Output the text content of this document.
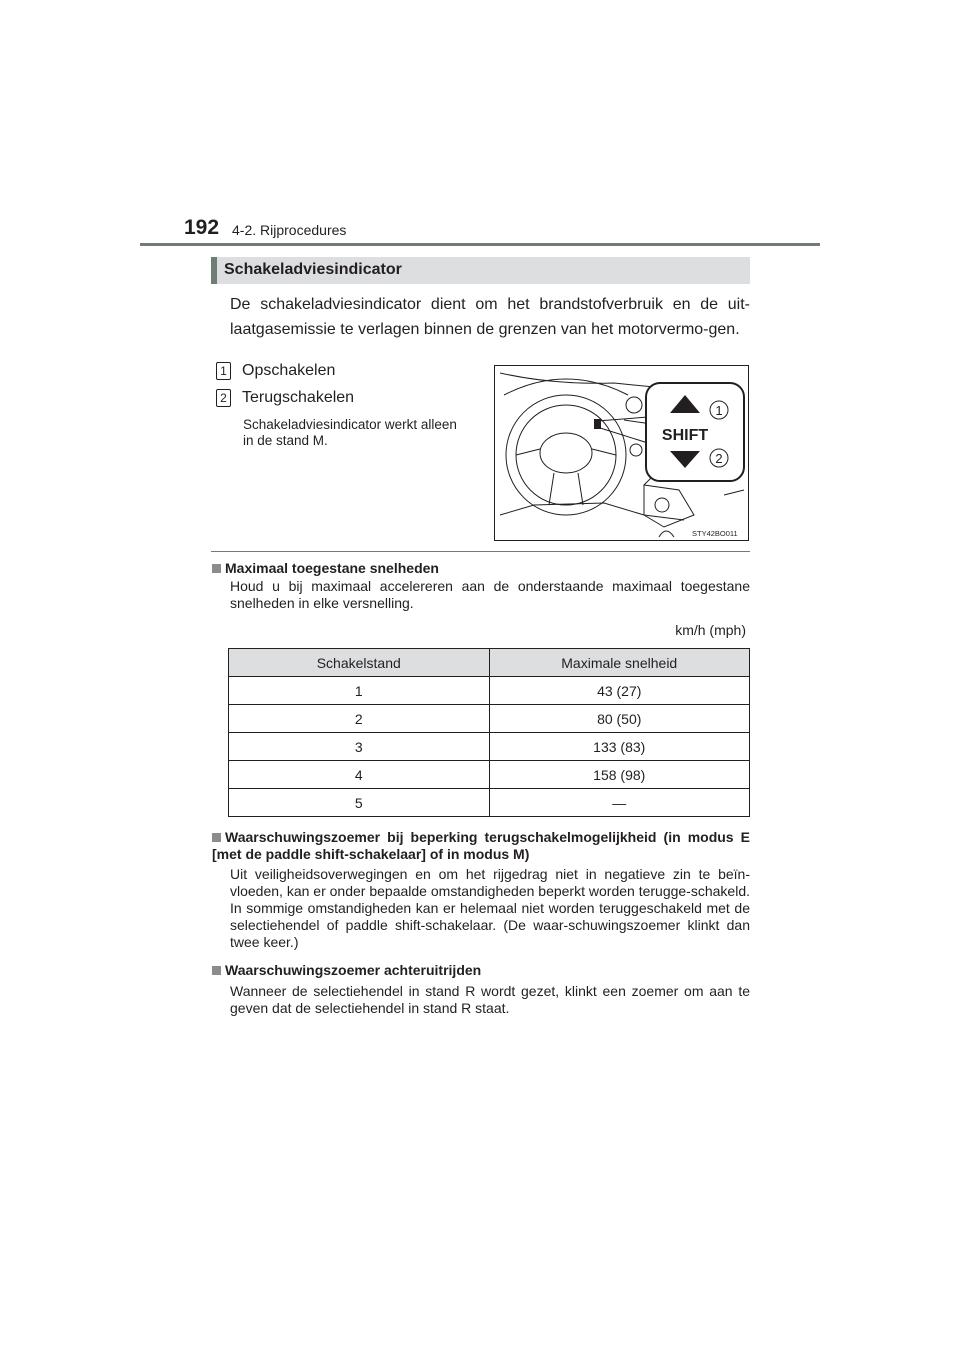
192 4-2. Rijprocedures
Schakeladviesindicator
De schakeladviesindicator dient om het brandstofverbruik en de uit-laatgasemissie te verlagen binnen de grenzen van het motorvermo-gen.
1 Opschakelen
2 Terugschakelen
Schakeladviesindicator werkt alleen in de stand M.	SHIFT
1
2
STY42BO011
Maximaal toegestane snelheden
Houd u bij maximaal accelereren aan de onderstaande maximaal toegestane snelheden in elke versnelling.
km/h (mph)
Schakelstand	Maximale snelheid
1	43 (27)
2	80 (50)
3	133 (83)
4	158 (98)
5	—
Waarschuwingszoemer bij beperking terugschakelmogelijkheid (in modus E [met de paddle shift-schakelaar] of in modus M)
Uit veiligheidsoverwegingen en om het rijgedrag niet in negatieve zin te beïn-vloeden, kan er onder bepaalde omstandigheden beperkt worden terugge-schakeld. In sommige omstandigheden kan er helemaal niet worden teruggeschakeld met de selectiehendel of paddle shift-schakelaar. (De waar-schuwingszoemer klinkt dan twee keer.)
Waarschuwingszoemer achteruitrijden
Wanneer de selectiehendel in stand R wordt gezet, klinkt een zoemer om aan te geven dat de selectiehendel in stand R staat.
